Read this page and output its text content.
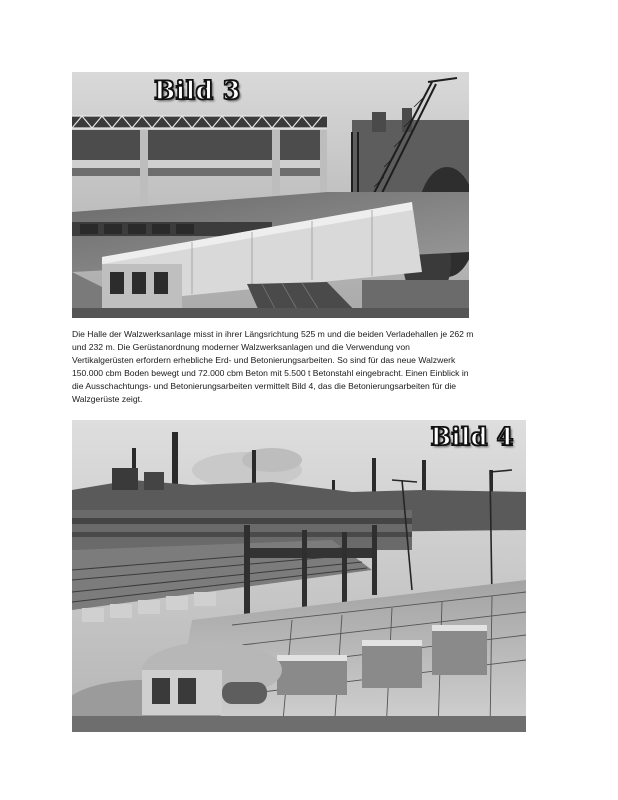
Bild 3

Die Halle der Walzwerksanlage misst in ihrer Längsrichtung 525 m und die beiden Verladehallen je 262 m
und 232 m. Die Gerüstanordnung moderner Walzwerksanlagen und die Verwendung von
Vertikalgerüsten erfordern erhebliche Erd- und Betonierungsarbeiten. So sind für das neue Walzwerk
150.000 cbm Boden bewegt und 72.000 cbm Beton mit 5.500 t Betonstahl eingebracht. Einen Einblick in
die Ausschachtungs- und Betonierungsarbeiten vermittelt Bild 4, das die Betonierungsarbeiten für die
Walzgerüste zeigt.

Bild 4
